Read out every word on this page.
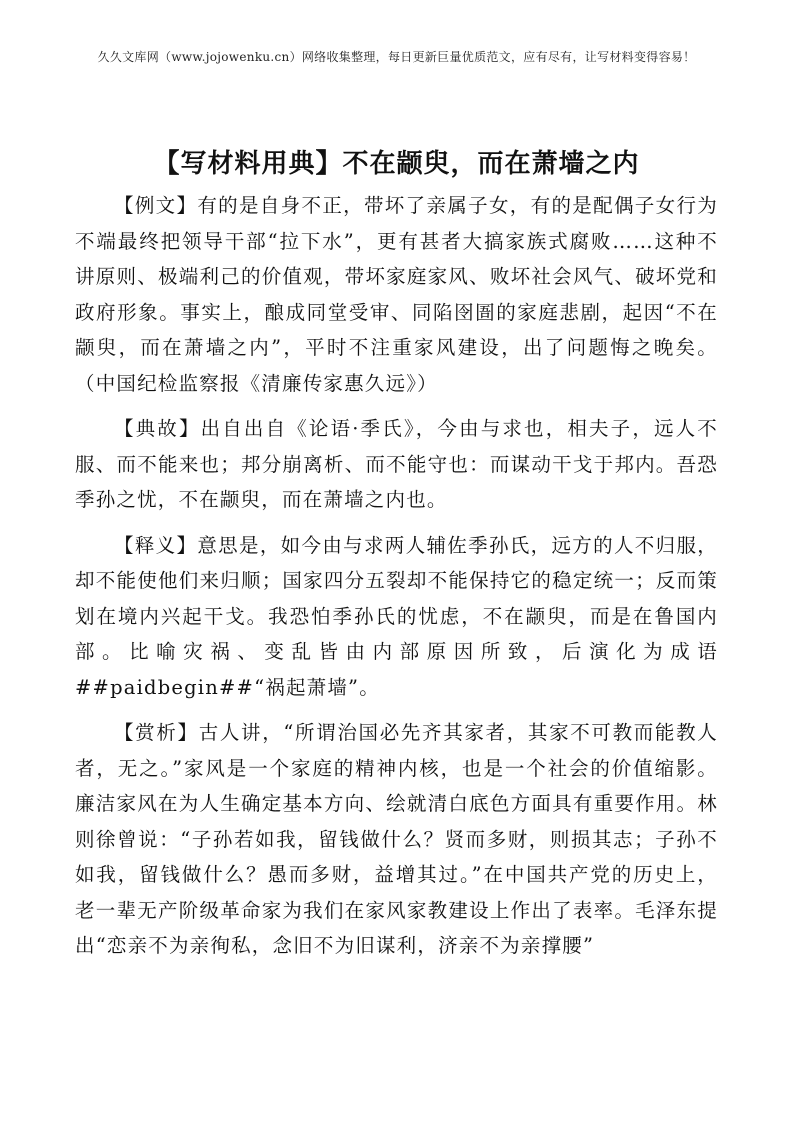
久久文库网（www.jojowenku.cn）网络收集整理，每日更新巨量优质范文，应有尽有，让写材料变得容易！
【写材料用典】不在颛臾，而在萧墙之内

【例文】有的是自身不正，带坏了亲属子女，有的是配偶子女行为不端最终把领导干部“拉下水”，更有甚者大搞家族式腐败……这种不讲原则、极端利己的价值观，带坏家庭家风、败坏社会风气、破坏党和政府形象。事实上，酿成同堂受审、同陷囹圄的家庭悲剧，起因“不在颛臾，而在萧墙之内”，平时不注重家风建设，出了问题悔之晚矣。（中国纪检监察报《清廉传家惠久远》）

【典故】出自出自《论语·季氏》，今由与求也，相夫子，远人不服、而不能来也；邦分崩离析、而不能守也：而谋动干戈于邦内。吾恐季孙之忧，不在颛臾，而在萧墙之内也。

【释义】意思是，如今由与求两人辅佐季孙氏，远方的人不归服，却不能使他们来归顺；国家四分五裂却不能保持它的稳定统一；反而策划在境内兴起干戈。我恐怕季孙氏的忧虑，不在颛臾，而是在鲁国内部。比喻灾祸、变乱皆由内部原因所致，后演化为成语##paidbegin##“祸起萧墙”。

【赏析】古人讲，“所谓治国必先齐其家者，其家不可教而能教人者，无之。”家风是一个家庭的精神内核，也是一个社会的价值缩影。廉洁家风在为人生确定基本方向、绘就清白底色方面具有重要作用。林则徐曾说：“子孙若如我，留钱做什么？贤而多财，则损其志；子孙不如我，留钱做什么？愚而多财，益增其过。”在中国共产党的历史上，老一辈无产阶级革命家为我们在家风家教建设上作出了表率。毛泽东提出“恋亲不为亲徇私，念旧不为旧谋利，济亲不为亲撑腰”
